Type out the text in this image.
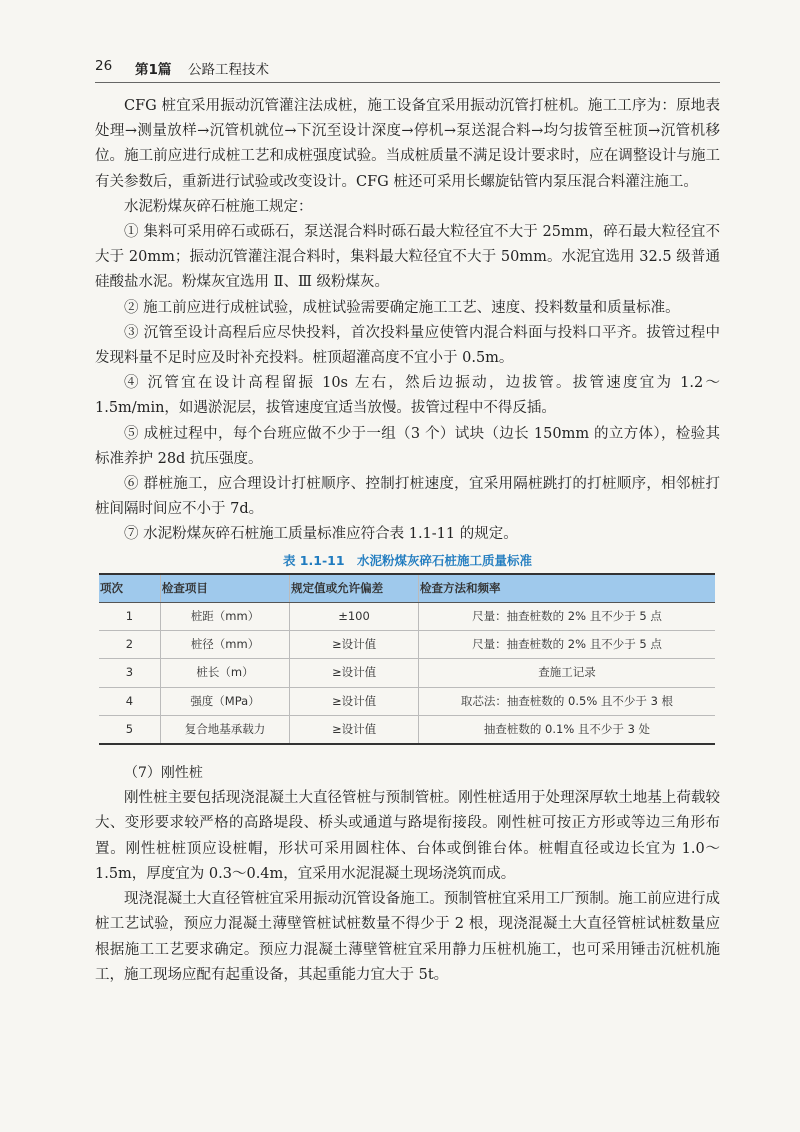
26 第1篇 公路工程技术

CFG 桩宜采用振动沉管灌注法成桩，施工设备宜采用振动沉管打桩机。施工工序为：原地表处理→测量放样→沉管机就位→下沉至设计深度→停机→泵送混合料→均匀拔管至桩顶→沉管机移位。施工前应进行成桩工艺和成桩强度试验。当成桩质量不满足设计要求时，应在调整设计与施工有关参数后，重新进行试验或改变设计。CFG 桩还可采用长螺旋钻管内泵压混合料灌注施工。

水泥粉煤灰碎石桩施工规定：

① 集料可采用碎石或砾石，泵送混合料时砾石最大粒径宜不大于 25mm，碎石最大粒径宜不大于 20mm；振动沉管灌注混合料时，集料最大粒径宜不大于 50mm。水泥宜选用 32.5 级普通硅酸盐水泥。粉煤灰宜选用 Ⅱ、Ⅲ 级粉煤灰。

② 施工前应进行成桩试验，成桩试验需要确定施工工艺、速度、投料数量和质量标准。

③ 沉管至设计高程后应尽快投料，首次投料量应使管内混合料面与投料口平齐。拔管过程中发现料量不足时应及时补充投料。桩顶超灌高度不宜小于 0.5m。

④ 沉管宜在设计高程留振 10s 左右，然后边振动，边拔管。拔管速度宜为 1.2～1.5m/min，如遇淤泥层，拔管速度宜适当放慢。拔管过程中不得反插。

⑤ 成桩过程中，每个台班应做不少于一组（3 个）试块（边长 150mm 的立方体），检验其标准养护 28d 抗压强度。

⑥ 群桩施工，应合理设计打桩顺序、控制打桩速度，宜采用隔桩跳打的打桩顺序，相邻桩打桩间隔时间应不小于 7d。

⑦ 水泥粉煤灰碎石桩施工质量标准应符合表 1.1-11 的规定。

表 1.1-11　水泥粉煤灰碎石桩施工质量标准

项次	检查项目	规定值或允许偏差	检查方法和频率
1	桩距（mm）	±100	尺量：抽查桩数的 2% 且不少于 5 点
2	桩径（mm）	≥设计值	尺量：抽查桩数的 2% 且不少于 5 点
3	桩长（m）	≥设计值	查施工记录
4	强度（MPa）	≥设计值	取芯法：抽查桩数的 0.5% 且不少于 3 根
5	复合地基承载力	≥设计值	抽查桩数的 0.1% 且不少于 3 处

（7）刚性桩

刚性桩主要包括现浇混凝土大直径管桩与预制管桩。刚性桩适用于处理深厚软土地基上荷载较大、变形要求较严格的高路堤段、桥头或通道与路堤衔接段。刚性桩可按正方形或等边三角形布置。刚性桩桩顶应设桩帽，形状可采用圆柱体、台体或倒锥台体。桩帽直径或边长宜为 1.0～1.5m，厚度宜为 0.3～0.4m，宜采用水泥混凝土现场浇筑而成。

现浇混凝土大直径管桩宜采用振动沉管设备施工。预制管桩宜采用工厂预制。施工前应进行成桩工艺试验，预应力混凝土薄壁管桩试桩数量不得少于 2 根，现浇混凝土大直径管桩试桩数量应根据施工工艺要求确定。预应力混凝土薄壁管桩宜采用静力压桩机施工，也可采用锤击沉桩机施工，施工现场应配有起重设备，其起重能力宜大于 5t。
